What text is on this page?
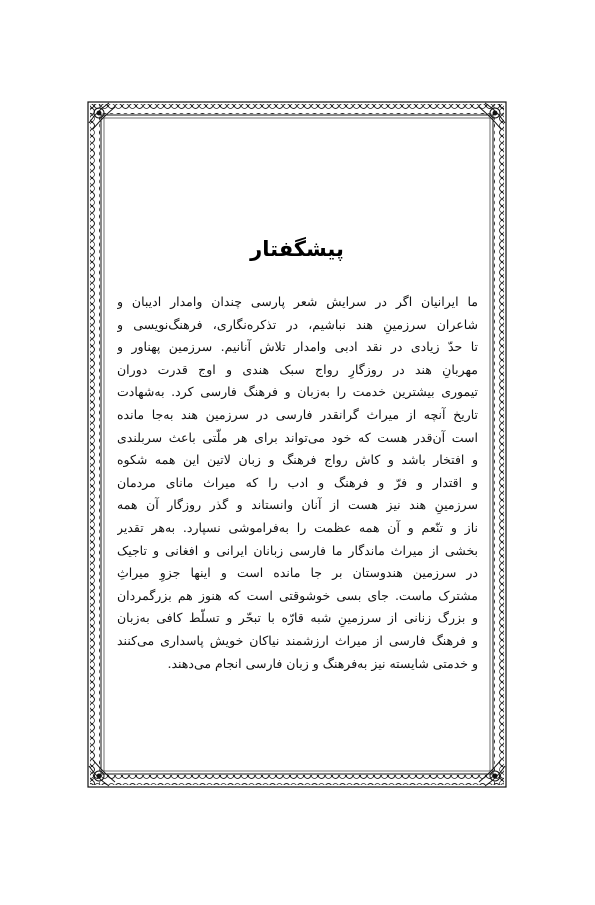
پیشگفتار
ما ایرانیان اگر در سرایش شعر پارسی چندان وامدار ادیبان و
شاعران سرزمینِ هند نباشیم، در تذکره‌نگاری، فرهنگ‌نویسی و
تا حدّ زیادی در نقد ادبی وامدار تلاش آنانیم. سرزمین پهناور و
مهربانِ هند در روزگارِ رواج سبک هندی و اوج قدرت دوران
تیموری بیشترین خدمت را به‌زبان و فرهنگ فارسی کرد. به‌شهادت
تاریخ آنچه از میراث گرانقدر فارسی در سرزمین هند به‌جا مانده
است آن‌قدر هست که خود می‌تواند برای هر ملّتی باعث سربلندی
و افتخار باشد و کاش رواج فرهنگ و زبان لاتین این همه شکوه
و اقتدار و فرّ و فرهنگ و ادب را که میراث مانای مردمان
سرزمینِ هند نیز هست از آنان وانستاند و گذر روزگار آن همه
ناز و تنّعم و آن همه عظمت را به‌فراموشی نسپارد. به‌هر تقدیر
بخشی از میراث ماندگار ما فارسی زبانان ایرانی و افغانی و تاجیک
در سرزمین هندوستان بر جا مانده است و اینها جزوِ میراثِ
مشترک ماست. جای بسی خوشوقتی است که هنوز هم بزرگمردان
و بزرگ زنانی از سرزمینِ شبه قارّه با تبحّر و تسلّط کافی به‌زبان
و فرهنگ فارسی از میراث ارزشمند نیاکان خویش پاسداری می‌کنند
و خدمتی شایسته نیز به‌فرهنگ و زبان فارسی انجام می‌دهند.
